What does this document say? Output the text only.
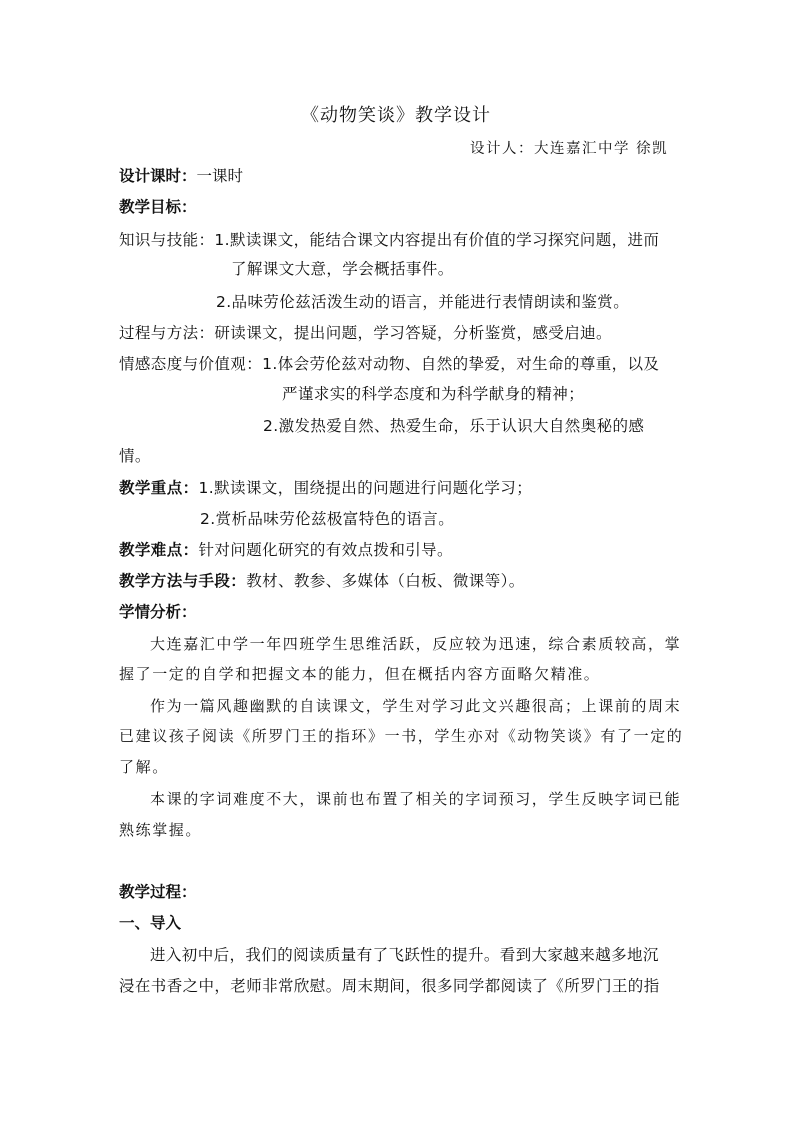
《动物笑谈》教学设计
设计人：大连嘉汇中学 徐凯
设计课时：一课时
教学目标：
知识与技能：1.默读课文，能结合课文内容提出有价值的学习探究问题，进而
了解课文大意，学会概括事件。
2.品味劳伦兹活泼生动的语言，并能进行表情朗读和鉴赏。
过程与方法：研读课文，提出问题，学习答疑，分析鉴赏，感受启迪。
情感态度与价值观：1.体会劳伦兹对动物、自然的挚爱，对生命的尊重，以及
严谨求实的科学态度和为科学献身的精神；
2.激发热爱自然、热爱生命，乐于认识大自然奥秘的感
情。
教学重点：1.默读课文，围绕提出的问题进行问题化学习；
2.赏析品味劳伦兹极富特色的语言。
教学难点：针对问题化研究的有效点拨和引导。
教学方法与手段：教材、教参、多媒体（白板、微课等）。
学情分析：
大连嘉汇中学一年四班学生思维活跃，反应较为迅速，综合素质较高，掌
握了一定的自学和把握文本的能力，但在概括内容方面略欠精准。
作为一篇风趣幽默的自读课文，学生对学习此文兴趣很高；上课前的周末
已建议孩子阅读《所罗门王的指环》一书，学生亦对《动物笑谈》有了一定的
了解。
本课的字词难度不大，课前也布置了相关的字词预习，学生反映字词已能
熟练掌握。
教学过程：
一、导入
进入初中后，我们的阅读质量有了飞跃性的提升。看到大家越来越多地沉
浸在书香之中，老师非常欣慰。周末期间，很多同学都阅读了《所罗门王的指
